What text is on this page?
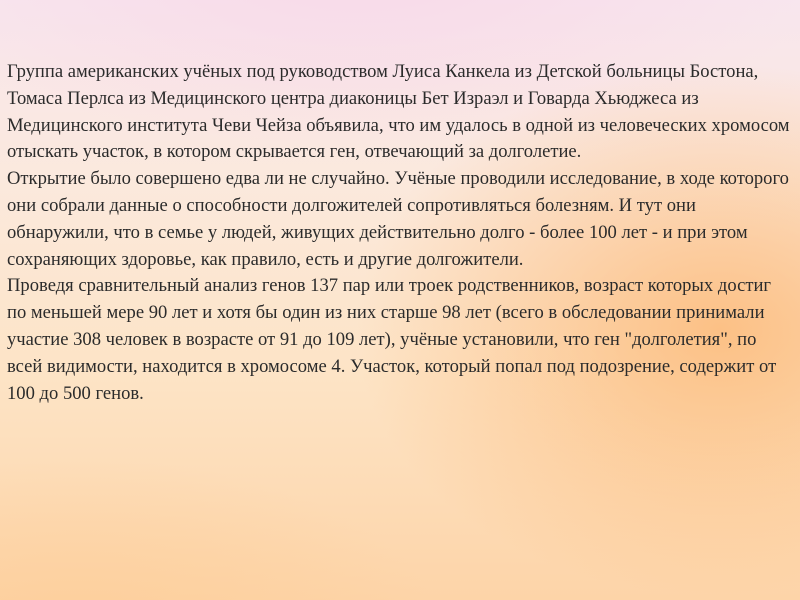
Группа американских учёных под руководством Луиса Канкела из Детской больницы Бостона, Томаса Перлса из Медицинского центра диаконицы Бет Израэл и Говарда Хьюджеса из Медицинского института Чеви Чейза объявила, что им удалось в одной из человеческих хромосом отыскать участок, в котором скрывается ген, отвечающий за долголетие.

Открытие было совершено едва ли не случайно. Учёные проводили исследование, в ходе которого они собрали данные о способности долгожителей сопротивляться болезням. И тут они обнаружили, что в семье у людей, живущих действительно долго - более 100 лет - и при этом сохраняющих здоровье, как правило, есть и другие долгожители.

Проведя сравнительный анализ генов 137 пар или троек родственников, возраст которых достиг по меньшей мере 90 лет и хотя бы один из них старше 98 лет (всего в обследовании принимали участие 308 человек в возрасте от 91 до 109 лет), учёные установили, что ген "долголетия", по всей видимости, находится в хромосоме 4. Участок, который попал под подозрение, содержит от 100 до 500 генов.
